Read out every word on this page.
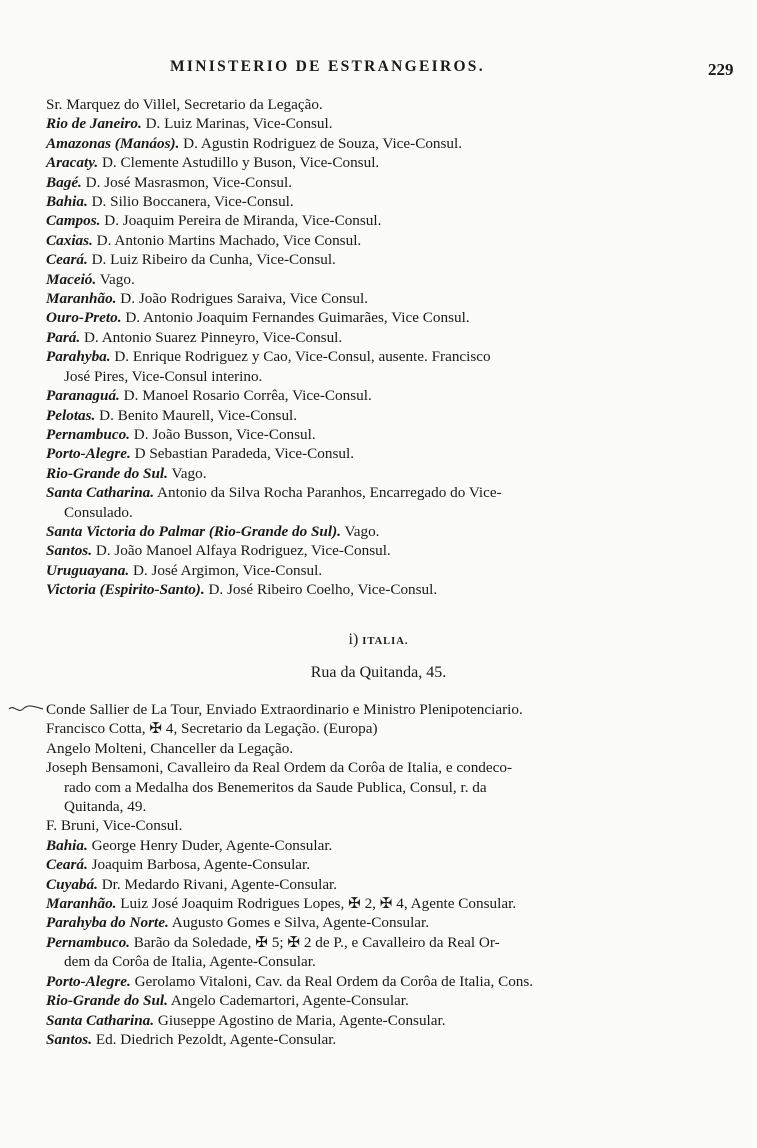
MINISTERIO DE ESTRANGEIROS.	229
Sr. Marquez do Villel, Secretario da Legação.
Rio de Janeiro. D. Luiz Marinas, Vice-Consul.
Amazonas (Manáos). D. Agustin Rodriguez de Souza, Vice-Consul.
Aracaty. D. Clemente Astudillo y Buson, Vice-Consul.
Bagé. D. José Masrasmon, Vice-Consul.
Bahia. D. Silio Boccanera, Vice-Consul.
Campos. D. Joaquim Pereira de Miranda, Vice-Consul.
Caxias. D. Antonio Martins Machado, Vice Consul.
Ceará. D. Luiz Ribeiro da Cunha, Vice-Consul.
Maceió. Vago.
Maranhão. D. João Rodrigues Saraiva, Vice Consul.
Ouro-Preto. D. Antonio Joaquim Fernandes Guimarães, Vice Consul.
Pará. D. Antonio Suarez Pinneyro, Vice-Consul.
Parahyba. D. Enrique Rodriguez y Cao, Vice-Consul, ausente. Francisco
José Pires, Vice-Consul interino.
Paranaguá. D. Manoel Rosario Corrêa, Vice-Consul.
Pelotas. D. Benito Maurell, Vice-Consul.
Pernambuco. D. João Busson, Vice-Consul.
Porto-Alegre. D Sebastian Paradeda, Vice-Consul.
Rio-Grande do Sul. Vago.
Santa Catharina. Antonio da Silva Rocha Paranhos, Encarregado do Vice-
Consulado.
Santa Victoria do Palmar (Rio-Grande do Sul). Vago.
Santos. D. João Manoel Alfaya Rodriguez, Vice-Consul.
Uruguayana. D. José Argimon, Vice-Consul.
Victoria (Espirito-Santo). D. José Ribeiro Coelho, Vice-Consul.
i) ITALIA.
Rua da Quitanda, 45.
Conde Sallier de La Tour, Enviado Extraordinario e Ministro Plenipotenciario.
Francisco Cotta, ✠ 4, Secretario da Legação. (Europa)
Angelo Molteni, Chanceller da Legação.
Joseph Bensamoni, Cavalleiro da Real Ordem da Corôa de Italia, e condeco-
rado com a Medalha dos Benemeritos da Saude Publica, Consul, r. da
Quitanda, 49.
F. Bruni, Vice-Consul.
Bahia. George Henry Duder, Agente-Consular.
Ceará. Joaquim Barbosa, Agente-Consular.
Cuyabá. Dr. Medardo Rivani, Agente-Consular.
Maranhão. Luiz José Joaquim Rodrigues Lopes, ✠ 2, ✠ 4, Agente Consular.
Parahyba do Norte. Augusto Gomes e Silva, Agente-Consular.
Pernambuco. Barão da Soledade, ✠ 5; ✠ 2 de P., e Cavalleiro da Real Or-
dem da Corôa de Italia, Agente-Consular.
Porto-Alegre. Gerolamo Vitaloni, Cav. da Real Ordem da Corôa de Italia, Cons.
Rio-Grande do Sul. Angelo Cademartori, Agente-Consular.
Santa Catharina. Giuseppe Agostino de Maria, Agente-Consular.
Santos. Ed. Diedrich Pezoldt, Agente-Consular.
